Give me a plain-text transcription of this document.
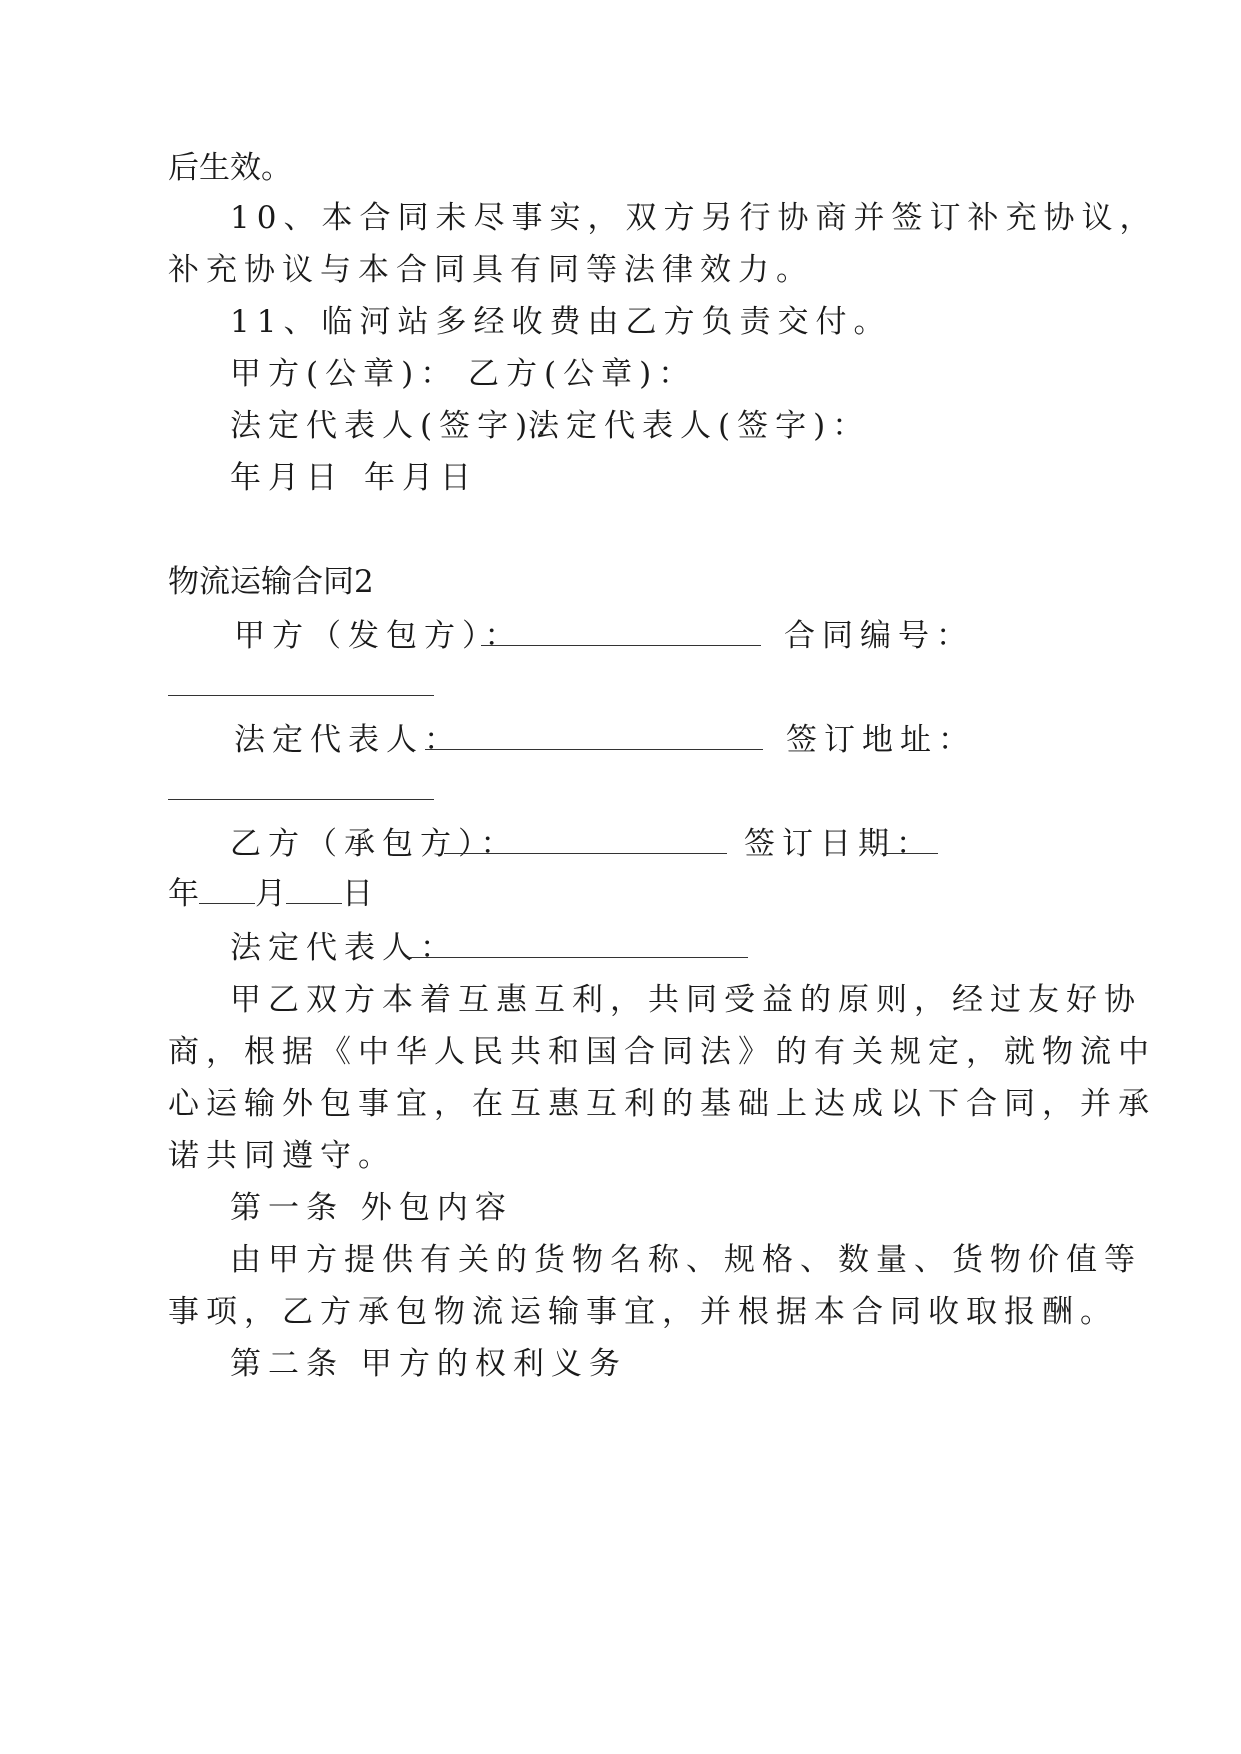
后生效。
10、本合同未尽事实，双方另行协商并签订补充协议，
补充协议与本合同具有同等法律效力。
11、临河站多经收费由乙方负责交付。
甲方(公章)： 乙方(公章)：
法定代表人(签字)：
法定代表人(签字)：
年月日 年月日
物流运输合同2
甲方（发包方）：	合同编号：
法定代表人：	签订地址：
乙方（承包方）：	签订日期：
年 月 日
法定代表人：
甲乙双方本着互惠互利，共同受益的原则，经过友好协
商，根据《中华人民共和国合同法》的有关规定，就物流中
心运输外包事宜，在互惠互利的基础上达成以下合同，并承
诺共同遵守。
第一条 外包内容
由甲方提供有关的货物名称、规格、数量、货物价值等
事项，乙方承包物流运输事宜，并根据本合同收取报酬。
第二条 甲方的权利义务
